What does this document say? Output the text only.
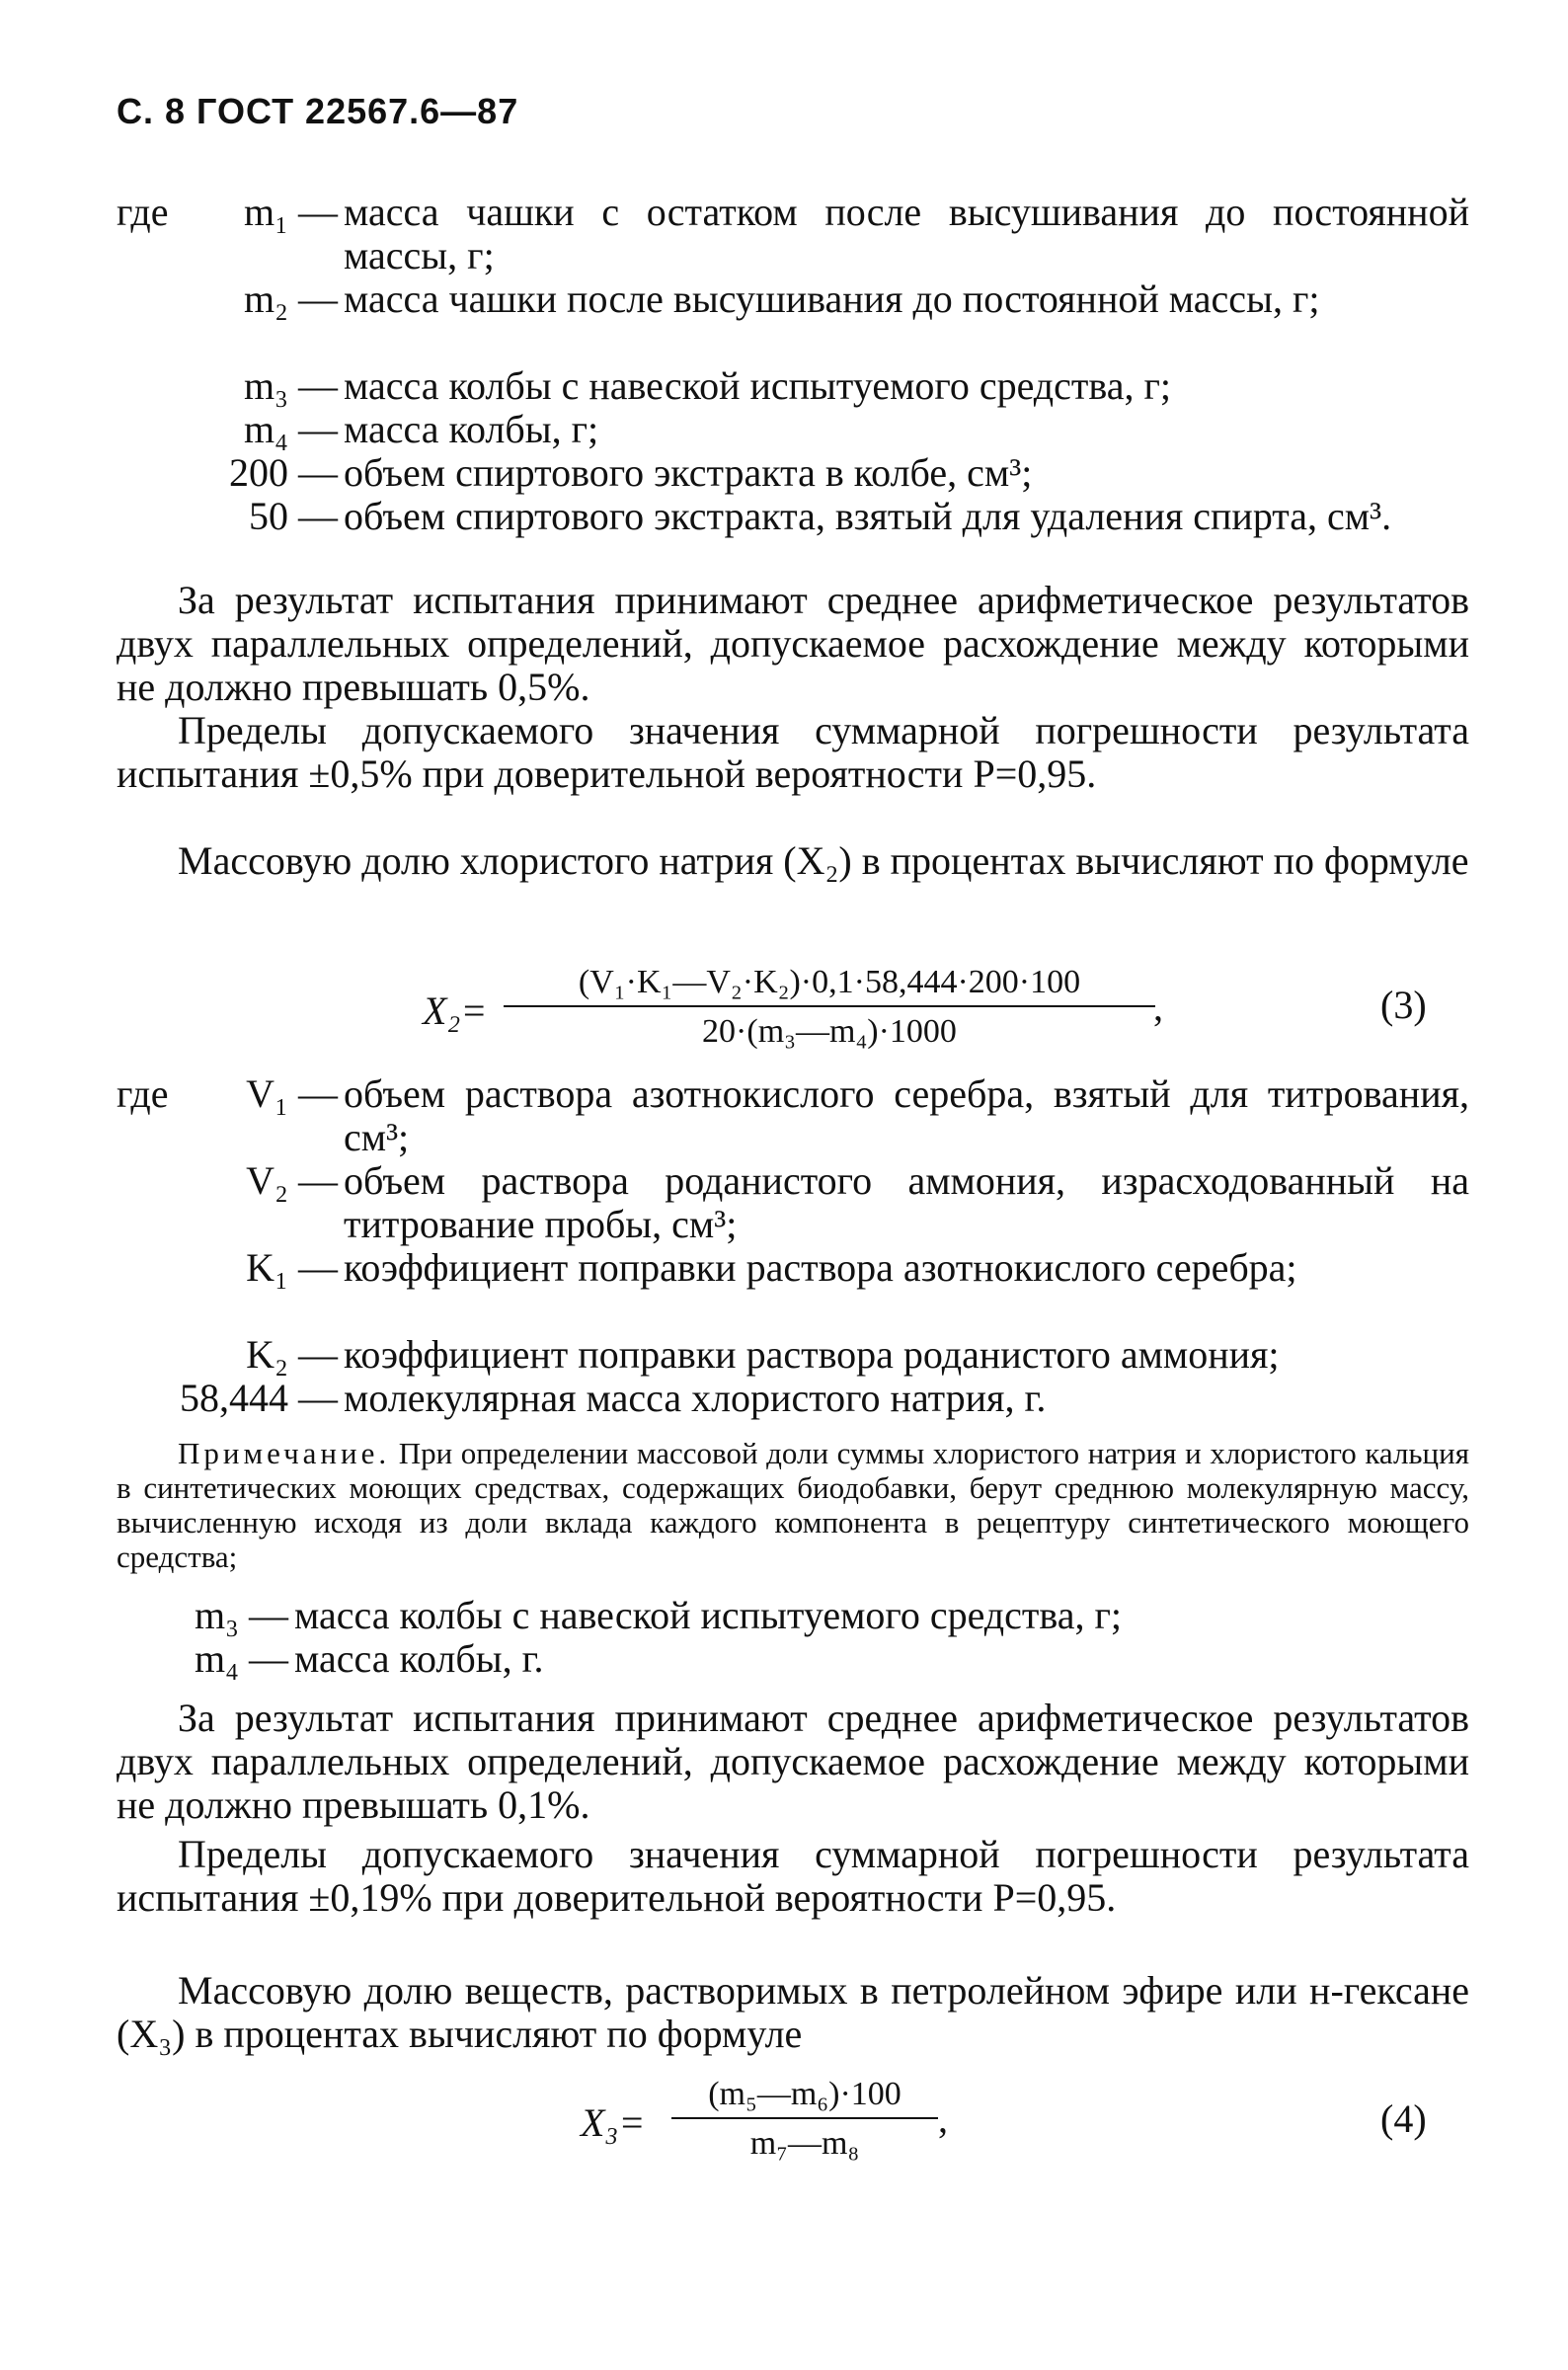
С. 8 ГОСТ 22567.6—87
где	m₁ — масса чашки с остатком после высушивания до постоянной массы, г;
m₂ — масса чашки после высушивания до постоянной массы, г;
m₃ — масса колбы с навеской испытуемого средства, г;
m₄ — масса колбы, г;
200 — объем спиртового экстракта в колбе, см³;
50 — объем спиртового экстракта, взятый для удаления спирта, см³.
За результат испытания принимают среднее арифметическое результатов двух параллельных определений, допускаемое расхождение между которыми не должно превышать 0,5%.
Пределы допускаемого значения суммарной погрешности результата испытания ±0,5% при доверительной вероятности P=0,95.
Массовую долю хлористого натрия (X₂) в процентах вычисляют по формуле
X₂=
(V₁·K₁—V₂·K₂)·0,1·58,444·200·100
20·(m₃—m₄)·1000
,	(3)
где	V₁ — объем раствора азотнокислого серебра, взятый для титрования, см³;
V₂ — объем раствора роданистого аммония, израсходованный на титрование пробы, см³;
K₁ — коэффициент поправки раствора азотнокислого серебра;
K₂ — коэффициент поправки раствора роданистого аммония;
58,444 — молекулярная масса хлористого натрия, г.
Примечание. При определении массовой доли суммы хлористого натрия и хлористого кальция в синтетических моющих средствах, содержащих биодобавки, берут среднюю молекулярную массу, вычисленную исходя из доли вклада каждого компонента в рецептуру синтетического моющего средства;
m₃ — масса колбы с навеской испытуемого средства, г;
m₄ — масса колбы, г.
За результат испытания принимают среднее арифметическое результатов двух параллельных определений, допускаемое расхождение между которыми не должно превышать 0,1%.
Пределы допускаемого значения суммарной погрешности результата испытания ±0,19% при доверительной вероятности P=0,95.
Массовую долю веществ, растворимых в петролейном эфире или н-гексане (X₃) в процентах вычисляют по формуле
X₃=
(m₅—m₆)·100
m₇—m₈
,	(4)
